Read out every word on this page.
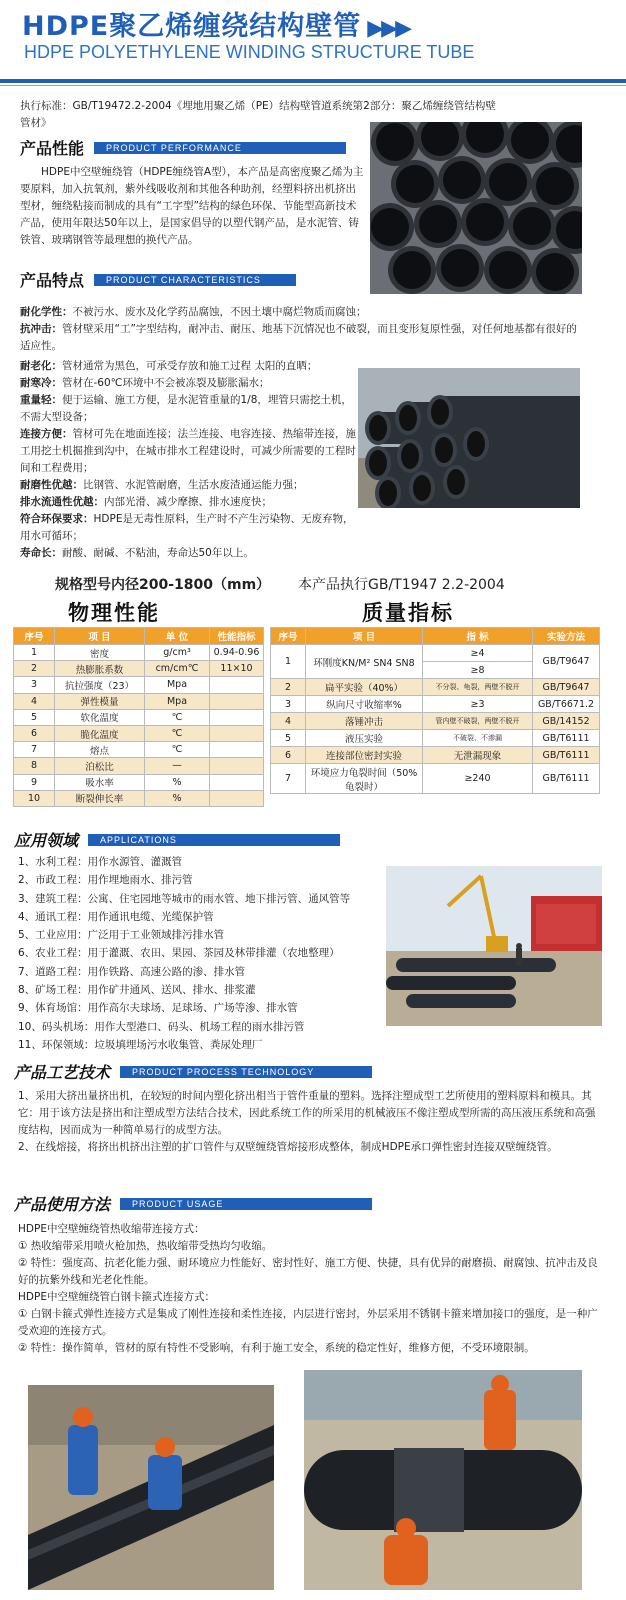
HDPE聚乙烯缠绕结构壁管 ▶▶▶
HDPE POLYETHYLENE WINDING STRUCTURE TUBE
执行标准：GB/T19472.2-2004《埋地用聚乙烯（PE）结构壁管道系统第2部分：聚乙烯缠绕管结构壁管材》
产品性能 PRODUCT PERFORMANCE
HDPE中空壁缠绕管（HDPE缠绕管A型），本产品是高密度聚乙烯为主要原料，加入抗氧剂，紫外线吸收剂和其他各种助剂，经塑料挤出机挤出型材，缠绕粘接而制成的具有“工字型”结构的绿色环保、节能型高新技术产品，使用年限达50年以上，是国家倡导的以塑代钢产品，是水泥管、铸铁管、玻璃钢管等最理想的换代产品。
产品特点 PRODUCT CHARACTERISTICS

耐化学性：不被污水、废水及化学药品腐蚀，不因土壤中腐烂物质而腐蚀；

抗冲击：管材壁采用“工”字型结构，耐冲击、耐压、地基下沉情况也不破裂，而且变形复原性强，对任何地基都有很好的适应性。

耐老化：管材通常为黑色，可承受存放和施工过程 太阳的直晒；

耐寒冷：管材在-60℃环境中不会被冻裂及膨胀漏水；

重量轻：便于运输、施工方便，是水泥管重量的1/8，埋管只需挖土机，不需大型设备；

连接方便：管材可先在地面连接；法兰连接、电容连接、热缩带连接，施工用挖土机掘推到沟中，在城市排水工程建设时，可减少所需要的工程时间和工程费用；

耐磨性优越：比钢管、水泥管耐磨，生活水废渣通运能力强；

排水流通性优越：内部光滑、减少摩擦、排水速度快；

符合环保要求：HDPE是无毒性原料，生产时不产生污染物、无废弃物，用水可循环；

寿命长：耐酸、耐碱、不粘油，寿命达50年以上。

规格型号内径200-1800（mm） 本产品执行GB/T1947 2.2-2004
物理性能	质量指标
序号	项 目	单 位	性能指标
1	密度	g/cm³	0.94-0.96
2	热膨胀系数	cm/cm℃	11×10
3	抗拉强度（23）	Mpa	
4	弹性模量	Mpa	
5	软化温度	℃	
6	脆化温度	℃	
7	熔点	℃	
8	泊松比	—	
9	吸水率	%	
10	断裂伸长率	%	
序号	项 目	指 标	实验方法
1	环刚度KN/M² SN4 SN8	≥4	GB/T9647
		≥8	
2	扁平实验（40%）	不分裂、龟裂，两壁不脱开	GB/T9647
3	纵向尺寸收缩率%	≥3	GB/T6671.2
4	落锤冲击	管内壁不破裂，两壁不脱开	GB/14152
5	液压实验	不破裂、不渗漏	GB/T6111
6	连接部位密封实验	无泄漏现象	GB/T6111
7	环境应力龟裂时间（50%龟裂时）	≥240	GB/T6111
应用领域 APPLICATIONS
1、水利工程：用作水源管、灌溉管
2、市政工程：用作埋地雨水、排污管
3、建筑工程：公寓、住宅园地等城市的雨水管、地下排污管、通风管等
4、通讯工程：用作通讯电缆、光缆保护管
5、工业应用：广泛用于工业领域排污排水管
6、农业工程：用于灌溉、农田、果园、茶园及林带排灌（农地整理）
7、道路工程：用作铁路、高速公路的渗、排水管
8、矿场工程：用作矿井通风、送风、排水、排浆灌
9、体育场馆：用作高尔夫球场、足球场、广场等渗、排水管
10、码头机场：用作大型港口、码头、机场工程的雨水排污管
11、环保领域：垃圾填埋场污水收集管、粪尿处理厂
产品工艺技术 PRODUCT PROCESS TECHNOLOGY

1、采用大挤出量挤出机，在较短的时间内塑化挤出相当于管件重量的塑料。选择注塑成型工艺所使用的塑料原料和模具。其它：用于该方法是挤出和注塑成型方法结合技术，因此系统工作的所采用的机械液压不像注塑成型所需的高压液压系统和高强度结构，因而成为一种简单易行的成型方法。

2、在线熔接，将挤出机挤出注塑的扩口管件与双壁缠绕管熔接形成整体，制成HDPE承口弹性密封连接双壁缠绕管。

产品使用方法 PRODUCT USAGE

HDPE中空壁缠绕管热收缩带连接方式：

① 热收缩带采用喷火枪加热，热收缩带受热均匀收缩。

② 特性：强度高、抗老化能力强、耐环境应力性能好、密封性好、施工方便、快捷，具有优异的耐磨损、耐腐蚀、抗冲击及良好的抗紫外线和光老化性能。

HDPE中空壁缠绕管白钢卡箍式连接方式：

① 白钢卡箍式弹性连接方式是集成了刚性连接和柔性连接，内层进行密封，外层采用不锈钢卡箍来增加接口的强度，是一种广受欢迎的连接方式。

② 特性：操作简单，管材的原有特性不受影响，有利于施工安全，系统的稳定性好，维修方便，不受环境限制。
